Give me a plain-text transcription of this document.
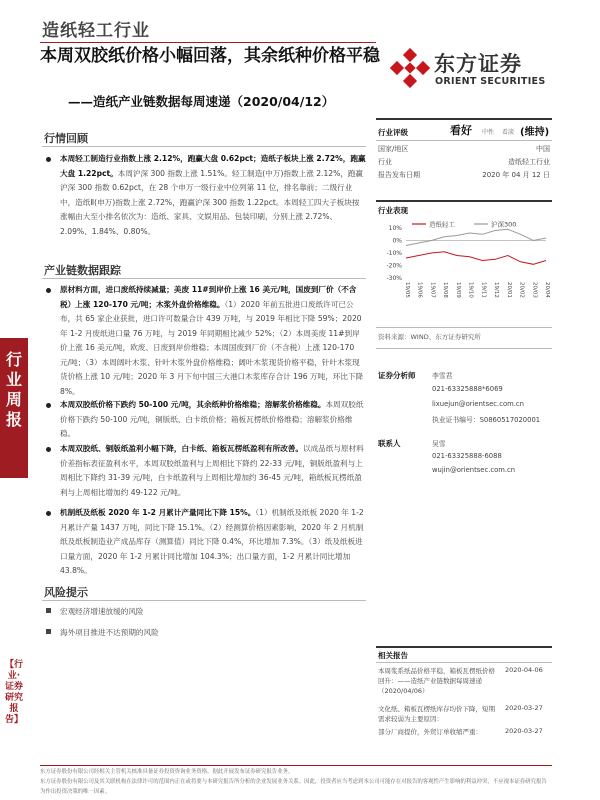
造纸轻工行业
本周双胶纸价格小幅回落，其余纸种价格平稳
——造纸产业链数据每周速递（2020/04/12）
东方证券
ORIENT SECURITIES
行业周报
【行业·证券研究报告】
行情回顾
本周轻工制造行业指数上涨 2.12%，跑赢大盘 0.62pct；造纸子板块上涨 2.72%，跑赢大盘 1.22pct。本周沪深 300 指数上涨 1.51%。轻工制造(中万)指数上涨 2.12%，跑赢沪深 300 指数 0.62pct，在 28 个申万一级行业中位列第 11 位，排名靠前；二级行业中，造纸Ⅱ(申万)指数上涨 2.72%，跑赢沪深 300 指数 1.22pct。本周轻工四大子板块按涨幅由大至小排名依次为：造纸、家具、文娱用品、包装印刷，分别上涨 2.72%、2.09%、1.84%、0.80%。
产业链数据跟踪
原材料方面，进口废纸持续减量；美废 11#到岸价上涨 16 美元/吨，国废到厂价（不含税）上涨 120-170 元/吨；木浆外盘价格维稳。（1）2020 年前五批进口废纸许可已公布，共 65 家企业获批，进口许可数量合计 439 万吨，与 2019 年相比下降 59%；2020 年 1-2 月废纸进口量 76 万吨，与 2019 年同期相比减少 52%；（2）本周美废 11#到岸价上涨 16 美元/吨，欧废、日废到岸价维稳；本周国废到厂价（不含税）上涨 120-170 元/吨；（3）本周阔叶木浆、针叶木浆外盘价格维稳；阔叶木浆现货价格平稳，针叶木浆现货价格上涨 10 元/吨；2020 年 3 月下旬中国三大港口木浆库存合计 196 万吨，环比下降 8%。
本周双胶纸价格下跌约 50-100 元/吨，其余纸种价格维稳；溶解浆价格维稳。本周双胶纸价格下跌约 50-100 元/吨，铜版纸、白卡纸价格；箱板瓦楞纸价格维稳；溶解浆价格维稳。
本周双胶纸、铜版纸盈利小幅下降，白卡纸、箱板瓦楞纸盈利有所改善。以成品纸与原材料价差指标表征盈利水平，本周双胶纸盈利与上周相比下降约 22-33 元/吨，铜版纸盈利与上周相比下降约 31-39 元/吨，白卡纸盈利与上周相比增加约 36-45 元/吨，箱纸板瓦楞纸盈利与上周相比增加约 49-122 元/吨。
机制纸及纸板 2020 年 1-2 月累计产量同比下降 15%。（1）机制纸及纸板 2020 年 1-2 月累计产量 1437 万吨，同比下降 15.1%。（2）经测算价格因素影响，2020 年 2 月机制纸及纸板制造业产成品库存（测算值）同比下降 0.4%，环比增加 7.3%。（3）纸及纸板进口量方面，2020 年 1-2 月累计同比增加 104.3%；出口量方面，1-2 月累计同比增加 43.8%。
风险提示
宏观经济增速放缓的风险
海外项目推进不达预期的风险
行业评级	看好 中性 看淡 (维持)
国家/地区	中国
行业	造纸轻工行业
报告发布日期	2020 年 04 月 12 日
行业表现
10%
0%
-10%
-20%
-30%
19/05 19/06 19/07 19/08 19/09 19/10 19/11 19/12 20/01 20/02 20/03 20/04
造纸轻工	沪深300
资料来源：WIND、东方证券研究所
证券分析师 李雪君
021-63325888*6069
lixuejun@orientsec.com.cn
执业证书编号：S0860517020001
联系人	吴雪
021-63325888-6088
wujin@orientsec.com.cn
相关报告
本周浆系纸品价格平稳，箱板瓦楞纸价格回升：——造纸产业链数据每周速递（2020/04/06）
2020-04-06
文化纸、箱板瓦楞纸库存均价下降，短期需求较弱为主要原因：
2020-03-27
部分厂商提价，外贸订单收缩严重：	2020-03-27
东方证券股份有限公司经相关主管机关核准具备证券投资咨询业务资格，据此开展发布证券研究报告业务。
东方证券股份有限公司及其关联机构在法律许可的范围内正在或将要与本研究报告所分析的企业发展业务关系。因此，投资者应当考虑到本公司可能存在对报告的客观性产生影响的利益冲突，不应视本证券研究报告为作出投资决策的唯一因素。
